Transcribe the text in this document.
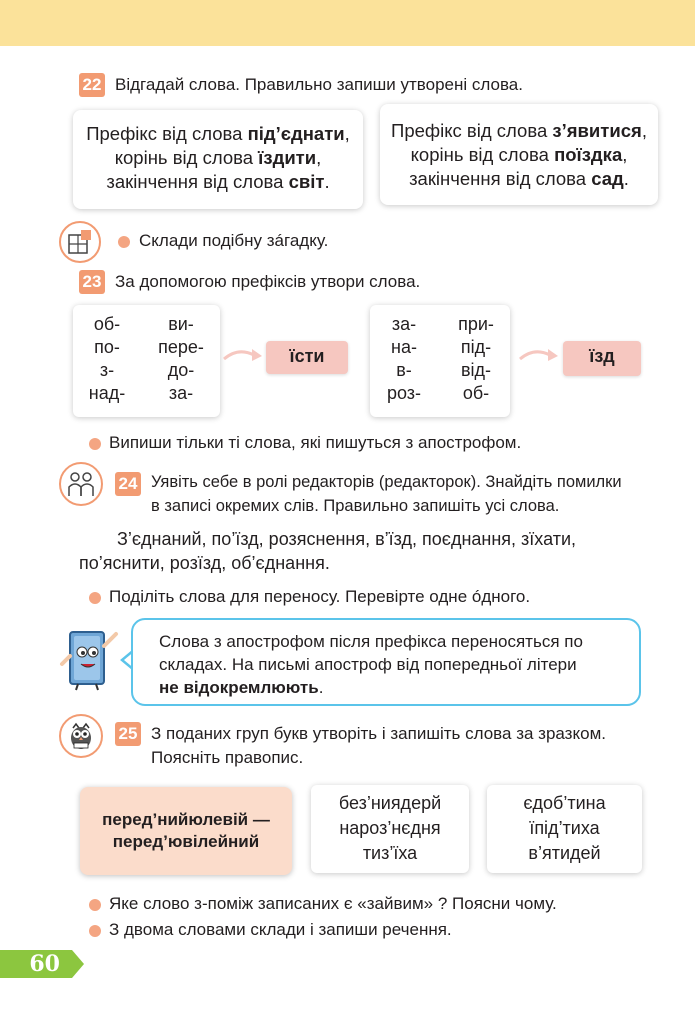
22 Відгадай слова. Правильно запиши утворені слова.
Префікс від слова під’єднати,
корінь від слова їздити,
закінчення від слова світ.
Префікс від слова з’явитися,
корінь від слова поїздка,
закінчення від слова сад.
Склади подібну зáгадку.
23 За допомогою префіксів утвори слова.
об-
по-
з-
над-
ви-
пере-
до-
за-
їсти
за-
на-
в-
роз-
при-
під-
від-
об-
їзд
Випиши тільки ті слова, які пишуться з апострофом.
24 Уявіть себе в ролі редакторів (редакторок). Знайдіть помилки
в записі окремих слів. Правильно запишіть усі слова.
З’єднаний, по’їзд, розяснення, в’їзд, поєднання, зїхати,
по’яснити, розїзд, об’єднання.
Поділіть слова для переносу. Перевірте одне óдного.
Слова з апострофом після префікса переносяться по
складах. На письмі апостроф від попередньої літери
не відокремлюють.
25 З поданих груп букв утворіть і запишіть слова за зразком.
Поясніть правопис.
перед’нийюлевій —
перед’ювілейний
без’ниядерй
нароз’нєдня
тиз’їха
єдоб’тина
їпід’тиха
в’ятидей
Яке слово з-поміж записаних є «зайвим» ? Поясни чому.
З двома словами склади і запиши речення.
60
